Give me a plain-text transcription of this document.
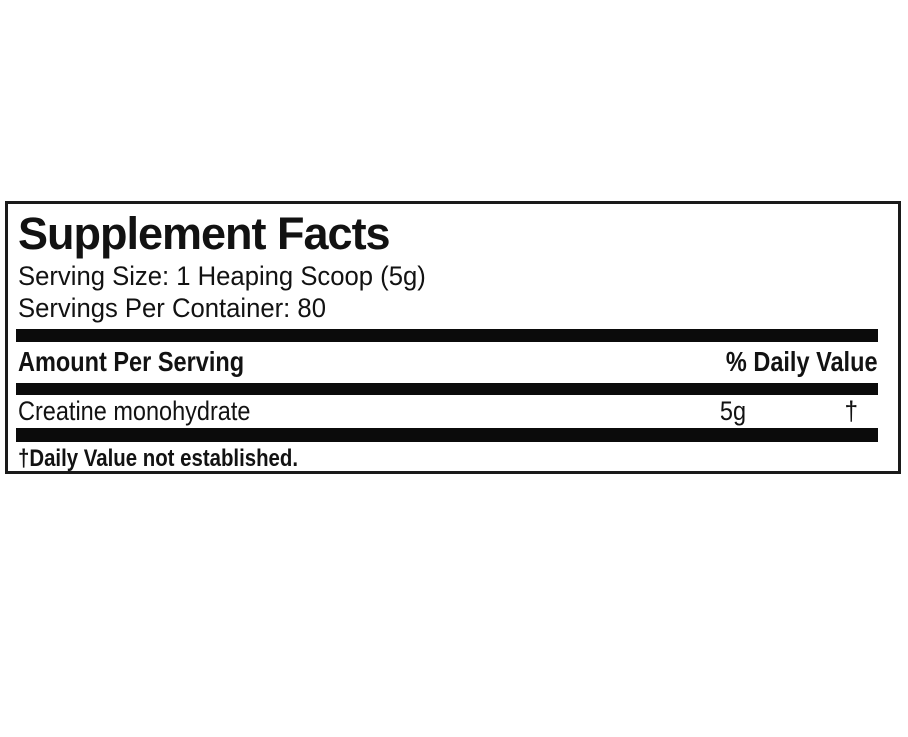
Supplement Facts
Serving Size: 1 Heaping Scoop (5g)
Servings Per Container: 80
Amount Per Serving	% Daily Value
Creatine monohydrate	5g	†
†Daily Value not established.
